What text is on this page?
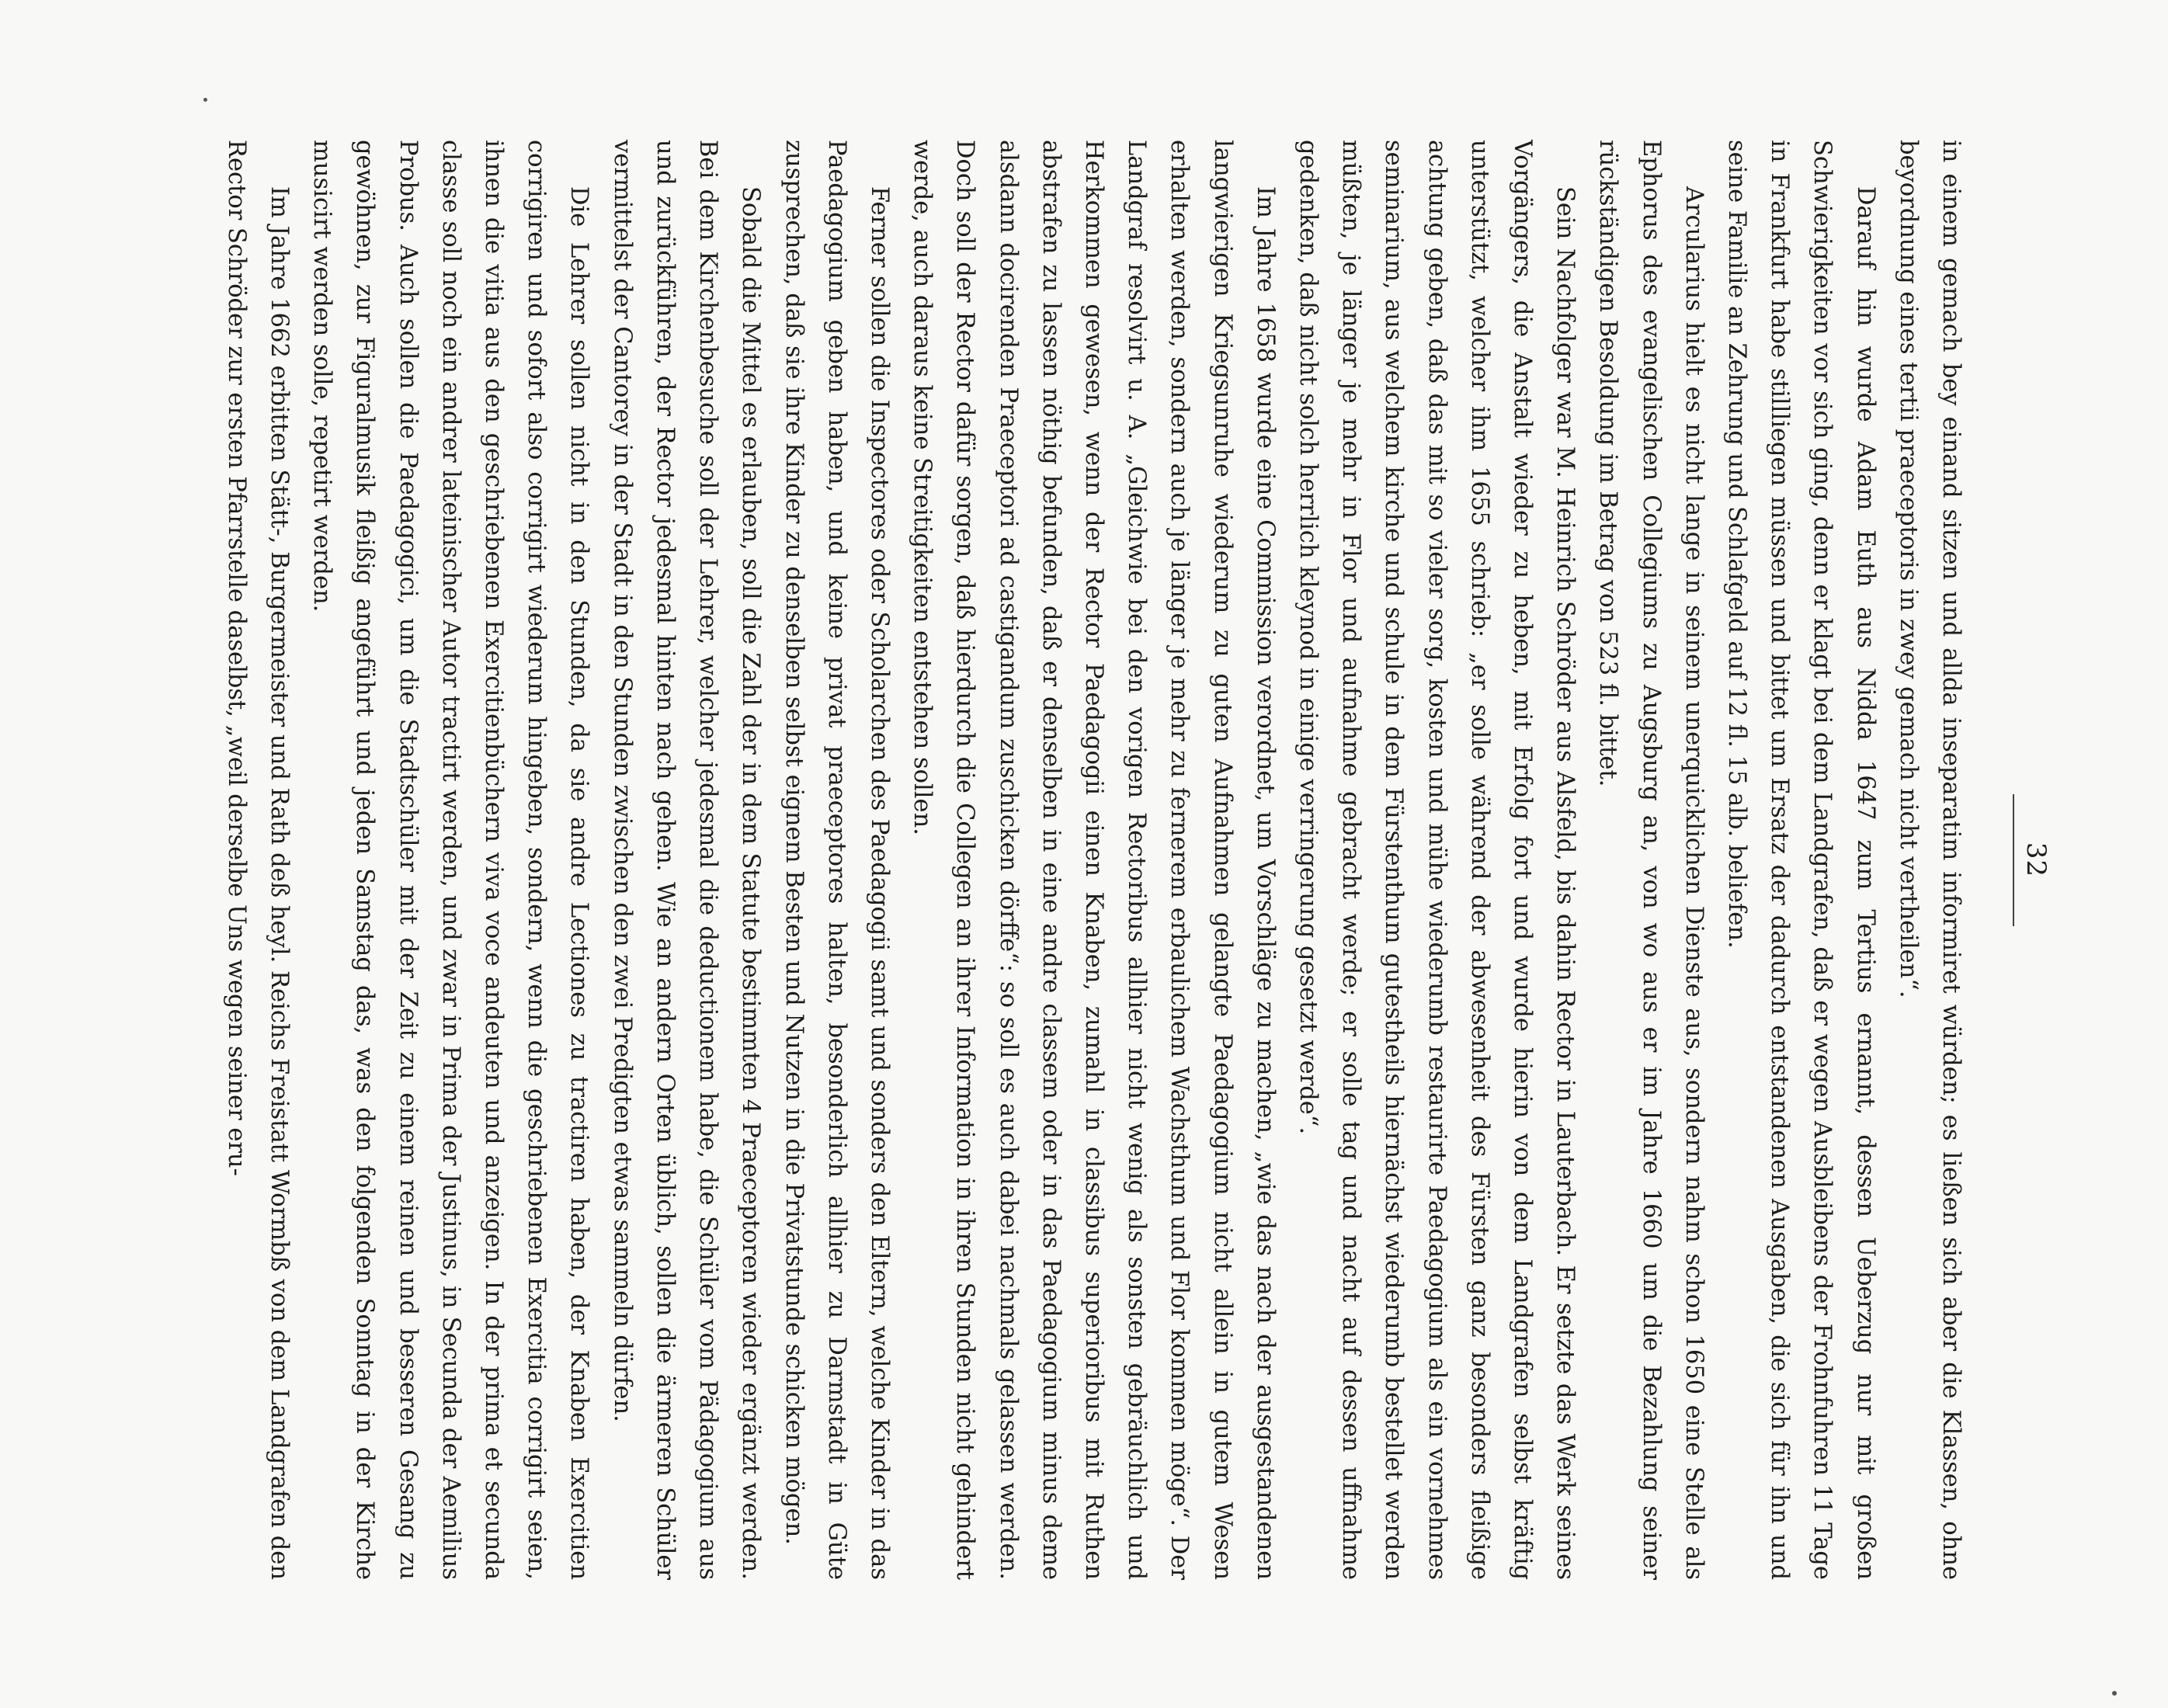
32

in einem gemach bey einand sitzen und allda inseparatim informiret würden; es ließen sich aber die Klassen, ohne beyordnung eines tertii praeceptoris in zwey gemach nicht vertheilen“.

Darauf hin wurde Adam Euth aus Nidda 1647 zum Tertius ernannt, dessen Ueberzug nur mit großen Schwierigkeiten vor sich ging, denn er klagt bei dem Landgrafen, daß er wegen Ausbleibens der Frohnfuhren 11 Tage in Frankfurt habe stillliegen müssen und bittet um Ersatz der dadurch entstandenen Ausgaben, die sich für ihn und seine Familie an Zehrung und Schlafgeld auf 12 fl. 15 alb. beliefen.

Arcularius hielt es nicht lange in seinem unerquicklichen Dienste aus, sondern nahm schon 1650 eine Stelle als Ephorus des evangelischen Collegiums zu Augsburg an, von wo aus er im Jahre 1660 um die Bezahlung seiner rückständigen Besoldung im Betrag von 523 fl. bittet.

Sein Nachfolger war M. Heinrich Schröder aus Alsfeld, bis dahin Rector in Lauterbach. Er setzte das Werk seines Vorgängers, die Anstalt wieder zu heben, mit Erfolg fort und wurde hierin von dem Landgrafen selbst kräftig unterstützt, welcher ihm 1655 schrieb: „er solle während der abwesenheit des Fürsten ganz besonders fleißige achtung geben, daß das mit so vieler sorg, kosten und mühe wiederumb restaurirte Paedagogium als ein vornehmes seminarium, aus welchem kirche und schule in dem Fürstenthum gutestheils hiernächst wiederumb bestellet werden müßten, je länger je mehr in Flor und aufnahme gebracht werde; er solle tag und nacht auf dessen uffnahme gedenken, daß nicht solch herrlich kleynod in einige verringerung gesetzt werde“.

Im Jahre 1658 wurde eine Commission verordnet, um Vorschläge zu machen, „wie das nach der ausgestandenen langwierigen Kriegsunruhe wiederum zu guten Aufnahmen gelangte Paedagogium nicht allein in gutem Wesen erhalten werden, sondern auch je länger je mehr zu fernerem erbaulichem Wachsthum und Flor kommen möge“. Der Landgraf resolvirt u. A. „Gleichwie bei den vorigen Rectoribus allhier nicht wenig als sonsten gebräuchlich und Herkommen gewesen, wenn der Rector Paedagogii einen Knaben, zumahl in classibus superioribus mit Ruthen abstrafen zu lassen nöthig befunden, daß er denselben in eine andre classem oder in das Paedagogium minus deme alsdann docirenden Praeceptori ad castigandum zuschicken dörffe“: so soll es auch dabei nachmals gelassen werden. Doch soll der Rector dafür sorgen, daß hierdurch die Collegen an ihrer Information in ihren Stunden nicht gehindert werde, auch daraus keine Streitigkeiten entstehen sollen.

Ferner sollen die Inspectores oder Scholarchen des Paedagogii samt und sonders den Eltern, welche Kinder in das Paedagogium geben haben, und keine privat praeceptores halten, besonderlich allhier zu Darmstadt in Güte zusprechen, daß sie ihre Kinder zu denselben selbst eignem Besten und Nutzen in die Privatstunde schicken mögen.

Sobald die Mittel es erlauben, soll die Zahl der in dem Statute bestimmten 4 Praeceptoren wieder ergänzt werden. Bei dem Kirchenbesuche soll der Lehrer, welcher jedesmal die deductionem habe, die Schüler vom Pädagogium aus und zurückführen, der Rector jedesmal hinten nach gehen. Wie an andern Orten üblich, sollen die ärmeren Schüler vermittelst der Cantorey in der Stadt in den Stunden zwischen den zwei Predigten etwas sammeln dürfen.

Die Lehrer sollen nicht in den Stunden, da sie andre Lectiones zu tractiren haben, der Knaben Exercitien corrigiren und sofort also corrigirt wiederum hingeben, sondern, wenn die geschriebenen Exercitia corrigirt seien, ihnen die vitia aus den geschriebenen Exercitienbüchern viva voce andeuten und anzeigen. In der prima et secunda classe soll noch ein andrer lateinischer Autor tractirt werden, und zwar in Prima der Justinus, in Secunda der Aemilius Probus. Auch sollen die Paedagogici, um die Stadtschüler mit der Zeit zu einem reinen und besseren Gesang zu gewöhnen, zur Figuralmusik fleißig angeführt und jeden Samstag das, was den folgenden Sonntag in der Kirche musicirt werden solle, repetirt werden.

Im Jahre 1662 erbitten Stätt-, Burgermeister und Rath deß heyl. Reichs Freistatt Wormbß von dem Landgrafen den Rector Schröder zur ersten Pfarrstelle daselbst, „weil derselbe Uns wegen seiner eru-
